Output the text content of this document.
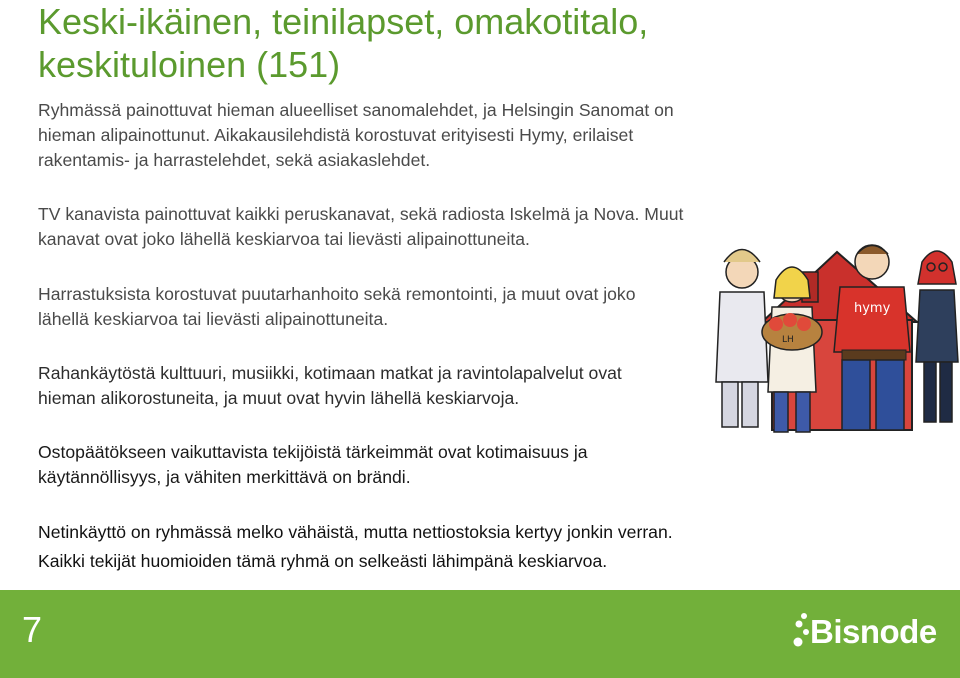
Keski-ikäinen, teinilapset, omakotitalo,
keskituloinen (151)

Ryhmässä painottuvat hieman alueelliset sanomalehdet, ja Helsingin Sanomat on
hieman alipainottunut. Aikakausilehdistä korostuvat erityisesti Hymy, erilaiset
rakentamis- ja harrastelehdet, sekä asiakaslehdet.

TV kanavista painottuvat kaikki peruskanavat, sekä radiosta Iskelmä ja Nova. Muut
kanavat ovat joko lähellä keskiarvoa tai lievästi alipainottuneita.

Harrastuksista korostuvat puutarhanhoito sekä remontointi, ja muut ovat joko
lähellä keskiarvoa tai lievästi alipainottuneita.

Rahankäytöstä kulttuuri, musiikki, kotimaan matkat ja ravintolapalvelut ovat
hieman alikorostuneita, ja muut ovat hyvin lähellä keskiarvoja.

Ostopäätökseen vaikuttavista tekijöistä tärkeimmät ovat kotimaisuus ja
käytännöllisyys, ja vähiten merkittävä on brändi.

Netinkäyttö on ryhmässä melko vähäistä, mutta nettiostoksia kertyy jonkin verran.

Kaikki tekijät huomioiden tämä ryhmä on selkeästi lähimpänä keskiarvoa.

LH
hymy
7	Bisnode
